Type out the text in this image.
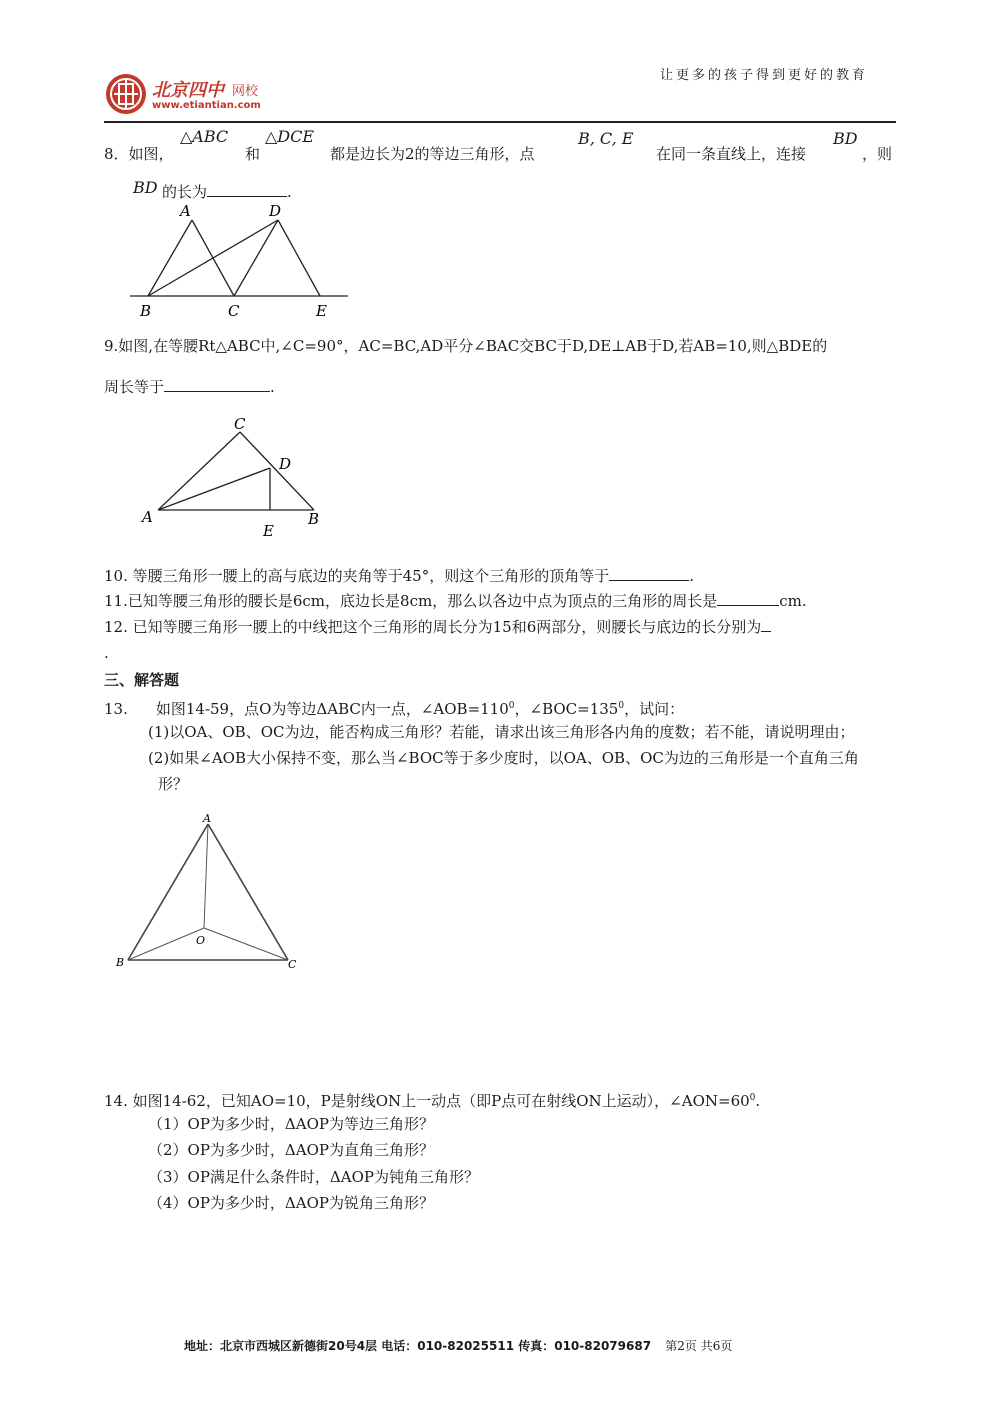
北京四中 网校
www.etiantian.com
让更多的孩子得到更好的教育
8．如图，
△ABC
和
△DCE
都是边长为2的等边三角形，点
B, C, E
在同一条直线上，连接
BD
，则
BD 的长为	.
A	D
B	C	E
9.如图,在等腰Rt△ABC中,∠C=90°，AC=BC,AD平分∠BAC交BC于D,DE⊥AB于D,若AB=10,则△BDE的
周长等于	.
C
D
A
E
B
10. 等腰三角形一腰上的高与底边的夹角等于45°，则这个三角形的顶角等于	.
11.已知等腰三角形的腰长是6cm，底边长是8cm，那么以各边中点为顶点的三角形的周长是	cm.
12. 已知等腰三角形一腰上的中线把这个三角形的周长分为15和6两部分，则腰长与底边的长分别为
.
三、解答题
13. 如图14-59，点O为等边ΔABC内一点，$\angle AOB=110^0$，$\angle BOC=135^0$，试问：
(1)以OA、OB、OC为边，能否构成三角形？若能，请求出该三角形各内角的度数；若不能，请说明理由；
(2)如果∠AOB大小保持不变，那么当∠BOC等于多少度时，以OA、OB、OC为边的三角形是一个直角三角
形？
A
O
B	C
14. 如图14-62，已知AO=10，P是射线ON上一动点（即P点可在射线ON上运动），$\angle AON=60^0$.
（1）OP为多少时，ΔAOP为等边三角形？
（2）OP为多少时，ΔAOP为直角三角形？
（3）OP满足什么条件时，ΔAOP为钝角三角形？
（4）OP为多少时，ΔAOP为锐角三角形？
地址：北京市西城区新德街20号4层 电话：010-82025511 传真：010-82079687 第2页 共6页
